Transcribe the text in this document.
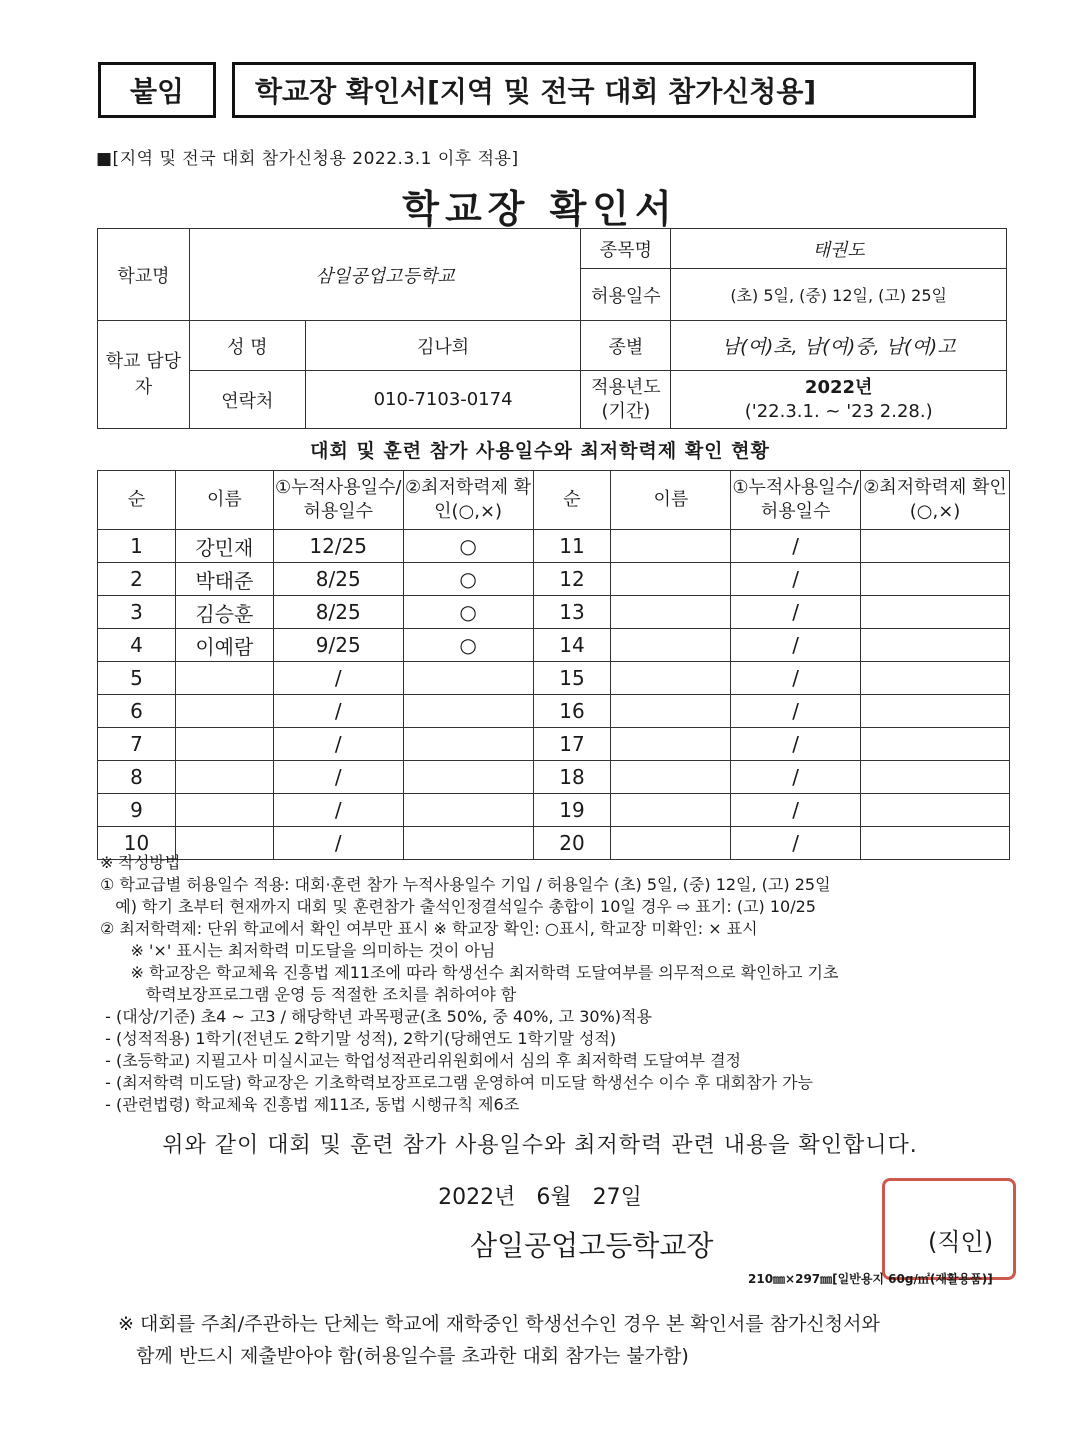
붙임	학교장 확인서[지역 및 전국 대회 참가신청용]
■[지역 및 전국 대회 참가신청용 2022.3.1 이후 적용]
학교장 확인서
학교명	삼일공업고등학교		종목명	태권도
			허용일수	(초) 5일, (중) 12일, (고) 25일
학교 담당자	성 명	김나희	종별	남(여)초, 남(여)중, 남(여)고
	연락처	010-7103-0174	적용년도 (기간)	2022년
('22.3.1. ~ '23 2.28.)
대회 및 훈련 참가 사용일수와 최저학력제 확인 현황
순	이름	①누적사용일수/허용일수	②최저학력제 확인(○,×)	순	이름	①누적사용일수/허용일수	②최저학력제 확인(○,×)
1	강민재	12/25	○	11		/	
2	박태준	8/25	○	12		/	
3	김승훈	8/25	○	13		/	
4	이예람	9/25	○	14		/	
5		/		15		/	
6		/		16		/	
7		/		17		/	
8		/		18		/	
9		/		19		/	
10		/		20		/	
※ 작성방법
① 학교급별 허용일수 적용: 대회·훈련 참가 누적사용일수 기입 / 허용일수 (초) 5일, (중) 12일, (고) 25일
예) 학기 초부터 현재까지 대회 및 훈련참가 출석인정결석일수 총합이 10일 경우 ⇨ 표기: (고) 10/25
② 최저학력제: 단위 학교에서 확인 여부만 표시 ※ 학교장 확인: ○표시, 학교장 미확인: × 표시
※ '×' 표시는 최저학력 미도달을 의미하는 것이 아님
※ 학교장은 학교체육 진흥법 제11조에 따라 학생선수 최저학력 도달여부를 의무적으로 확인하고 기초
학력보장프로그램 운영 등 적절한 조치를 취하여야 함
- (대상/기준) 초4 ~ 고3 / 해당학년 과목평균(초 50%, 중 40%, 고 30%)적용
- (성적적용) 1학기(전년도 2학기말 성적), 2학기(당해연도 1학기말 성적)
- (초등학교) 지필고사 미실시교는 학업성적관리위원회에서 심의 후 최저학력 도달여부 결정
- (최저학력 미도달) 학교장은 기초학력보장프로그램 운영하여 미도달 학생선수 이수 후 대회참가 가능
- (관련법령) 학교체육 진흥법 제11조, 동법 시행규칙 제6조
위와 같이 대회 및 훈련 참가 사용일수와 최저학력 관련 내용을 확인합니다.
2022년   6월   27일
삼일공업고등학교장	(직인)
210㎜×297㎜[일반용지 60g/㎡(재활용품)]
※ 대회를 주최/주관하는 단체는 학교에 재학중인 학생선수인 경우 본 확인서를 참가신청서와
함께 반드시 제출받아야 함(허용일수를 초과한 대회 참가는 불가함)
